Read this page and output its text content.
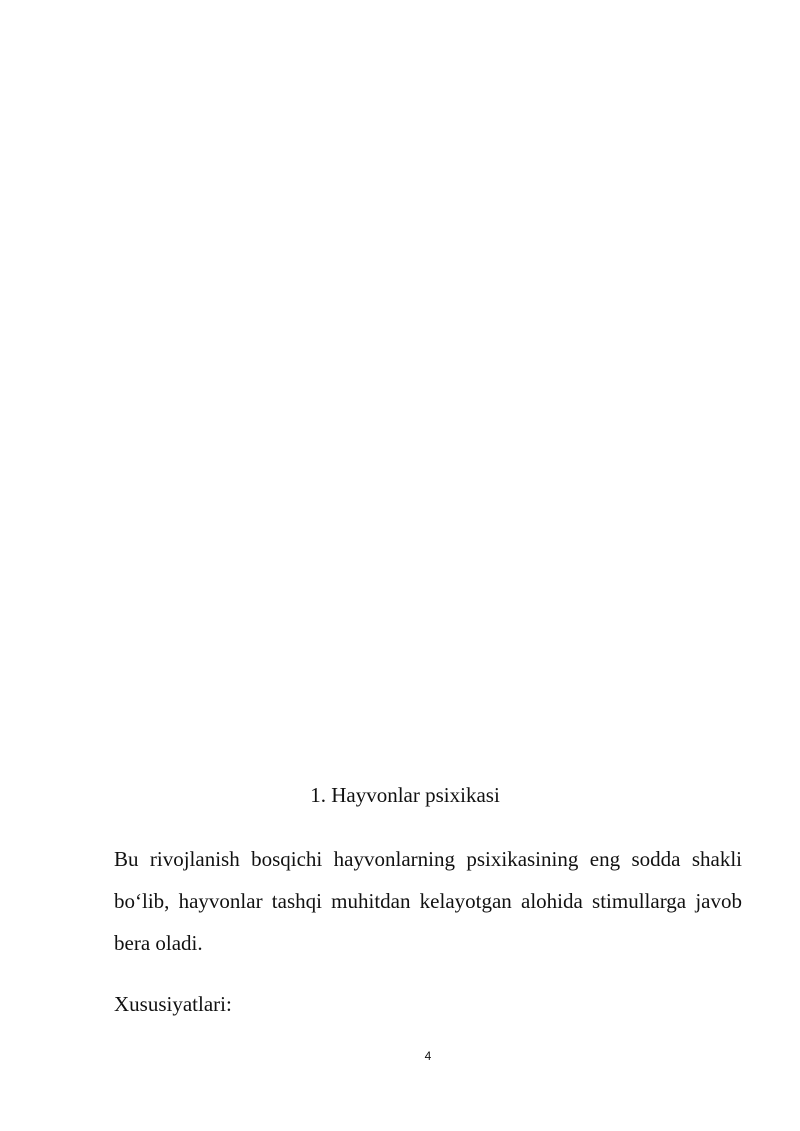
1. Hayvonlar psixikasi

Bu rivojlanish bosqichi hayvonlarning psixikasining eng sodda shakli bo‘lib, hayvonlar tashqi muhitdan kelayotgan alohida stimullarga javob bera oladi.

Xususiyatlari:

4
